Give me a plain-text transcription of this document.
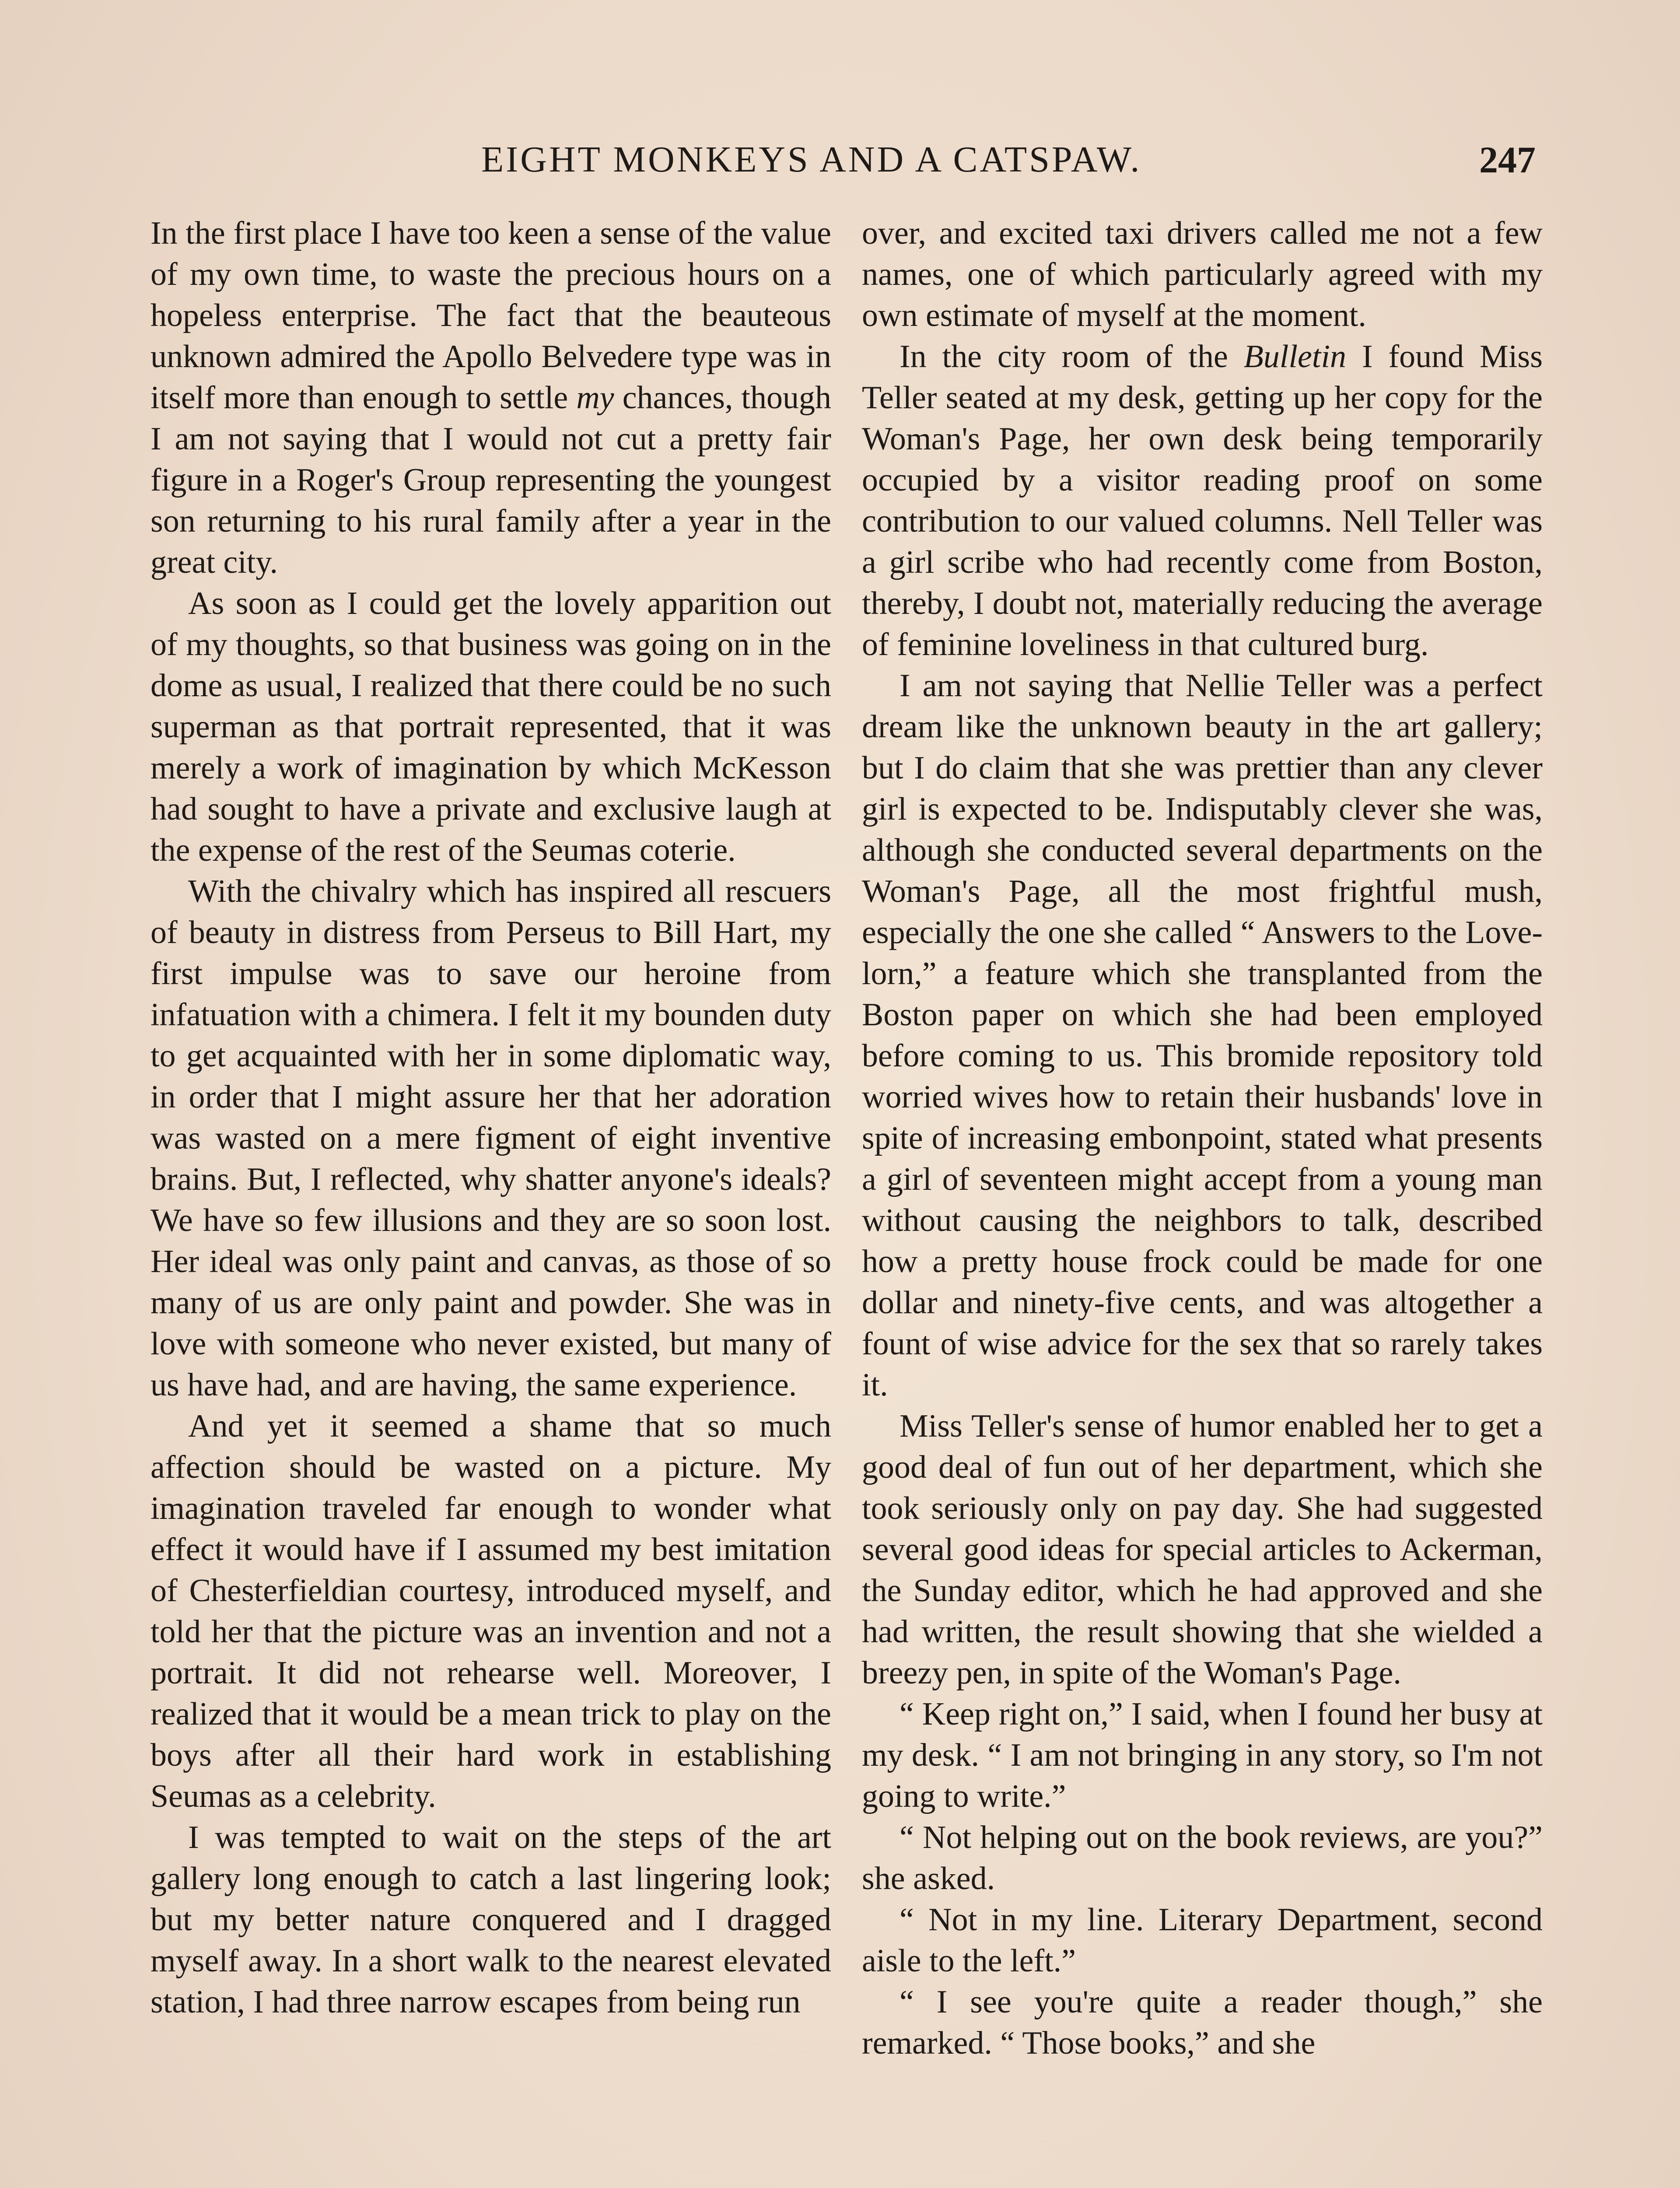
EIGHT MONKEYS AND A CATSPAW.	247

In the first place I have too keen a sense of the value of my own time, to waste the precious hours on a hopeless enterprise. The fact that the beauteous unknown admired the Apollo Belvedere type was in itself more than enough to settle my chances, though I am not saying that I would not cut a pretty fair figure in a Roger's Group representing the youngest son returning to his rural family after a year in the great city.

As soon as I could get the lovely apparition out of my thoughts, so that business was going on in the dome as usual, I realized that there could be no such superman as that portrait represented, that it was merely a work of imagination by which McKesson had sought to have a private and exclusive laugh at the expense of the rest of the Seumas coterie.

With the chivalry which has inspired all rescuers of beauty in distress from Perseus to Bill Hart, my first impulse was to save our heroine from infatuation with a chimera. I felt it my bounden duty to get acquainted with her in some diplomatic way, in order that I might assure her that her adoration was wasted on a mere figment of eight inventive brains. But, I reflected, why shatter anyone's ideals? We have so few illusions and they are so soon lost. Her ideal was only paint and canvas, as those of so many of us are only paint and powder. She was in love with someone who never existed, but many of us have had, and are having, the same experience.

And yet it seemed a shame that so much affection should be wasted on a picture. My imagination traveled far enough to wonder what effect it would have if I assumed my best imitation of Chesterfieldian courtesy, introduced myself, and told her that the picture was an invention and not a portrait. It did not rehearse well. Moreover, I realized that it would be a mean trick to play on the boys after all their hard work in establishing Seumas as a celebrity.

I was tempted to wait on the steps of the art gallery long enough to catch a last lingering look; but my better nature conquered and I dragged myself away. In a short walk to the nearest elevated station, I had three narrow escapes from being run

over, and excited taxi drivers called me not a few names, one of which particularly agreed with my own estimate of myself at the moment.

In the city room of the Bulletin I found Miss Teller seated at my desk, getting up her copy for the Woman's Page, her own desk being temporarily occupied by a visitor reading proof on some contribution to our valued columns. Nell Teller was a girl scribe who had recently come from Boston, thereby, I doubt not, materially reducing the average of feminine loveliness in that cultured burg.

I am not saying that Nellie Teller was a perfect dream like the unknown beauty in the art gallery; but I do claim that she was prettier than any clever girl is expected to be. Indisputably clever she was, although she conducted several departments on the Woman's Page, all the most frightful mush, especially the one she called “ Answers to the Love-lorn,” a feature which she transplanted from the Boston paper on which she had been employed before coming to us. This bromide repository told worried wives how to retain their husbands' love in spite of increasing embonpoint, stated what presents a girl of seventeen might accept from a young man without causing the neighbors to talk, described how a pretty house frock could be made for one dollar and ninety-five cents, and was altogether a fount of wise advice for the sex that so rarely takes it.

Miss Teller's sense of humor enabled her to get a good deal of fun out of her department, which she took seriously only on pay day. She had suggested several good ideas for special articles to Ackerman, the Sunday editor, which he had approved and she had written, the result showing that she wielded a breezy pen, in spite of the Woman's Page.

“ Keep right on,” I said, when I found her busy at my desk. “ I am not bringing in any story, so I'm not going to write.”

“ Not helping out on the book reviews, are you?” she asked.

“ Not in my line. Literary Department, second aisle to the left.”

“ I see you're quite a reader though,” she remarked. “ Those books,” and she
